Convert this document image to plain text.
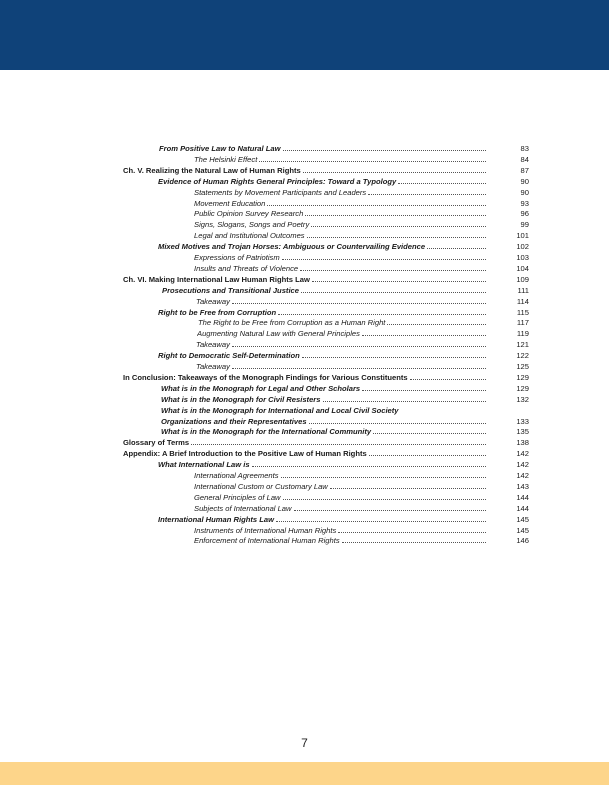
From Positive Law to Natural Law	83
The Helsinki Effect	84
Ch. V. Realizing the Natural Law of Human Rights	87
Evidence of Human Rights General Principles: Toward a Typology	90
Statements by Movement Participants and Leaders	90
Movement Education	93
Public Opinion Survey Research	96
Signs, Slogans, Songs and Poetry	99
Legal and Institutional Outcomes	101
Mixed Motives and Trojan Horses: Ambiguous or Countervailing Evidence	102
Expressions of Patriotism	103
Insults and Threats of Violence	104
Ch. VI. Making International Law Human Rights Law	109
Prosecutions and Transitional Justice	111
Takeaway	114
Right to be Free from Corruption	115
The Right to be Free from Corruption as a Human Right	117
Augmenting Natural Law with General Principles	119
Takeaway	121
Right to Democratic Self-Determination	122
Takeaway	125
In Conclusion: Takeaways of the Monograph Findings for Various Constituents	129
What is in the Monograph for Legal and Other Scholars	129
What is in the Monograph for Civil Resisters	132
What is in the Monograph for International and Local Civil Society
Organizations and their Representatives	133
What is in the Monograph for the International Community	135
Glossary of Terms	138
Appendix: A Brief Introduction to the Positive Law of Human Rights	142
What International Law is	142
International Agreements	142
International Custom or Customary Law	143
General Principles of Law	144
Subjects of International Law	144
International Human Rights Law	145
Instruments of International Human Rights	145
Enforcement of International Human Rights	146
7
